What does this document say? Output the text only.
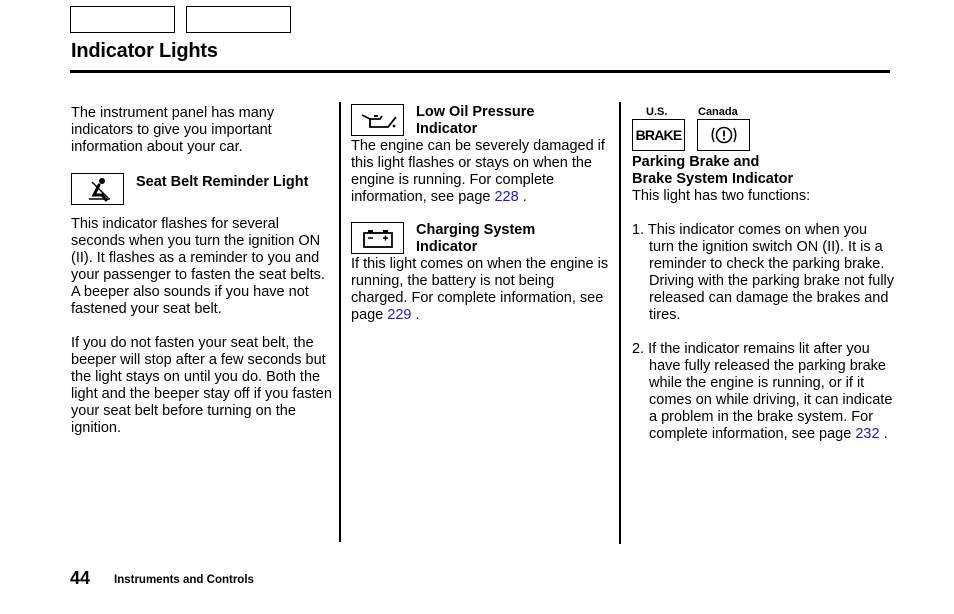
Indicator Lights

The instrument panel has many indicators to give you important information about your car.

Seat Belt Reminder Light

This indicator flashes for several seconds when you turn the ignition ON (II). It flashes as a reminder to you and your passenger to fasten the seat belts. A beeper also sounds if you have not fastened your seat belt.

If you do not fasten your seat belt, the beeper will stop after a few seconds but the light stays on until you do. Both the light and the beeper stay off if you fasten your seat belt before turning on the ignition.

Low Oil Pressure
Indicator

The engine can be severely damaged if this light flashes or stays on when the engine is running. For complete information, see page 228 .

Charging System
Indicator

If this light comes on when the engine is running, the battery is not being charged. For complete information, see page 229 .

U.S.	Canada
BRAKE
Parking Brake and
Brake System Indicator

This light has two functions:

1. This indicator comes on when you turn the ignition switch ON (II). It is a reminder to check the parking brake. Driving with the parking brake not fully released can damage the brakes and tires.

2. If the indicator remains lit after you have fully released the parking brake while the engine is running, or if it comes on while driving, it can indicate a problem in the brake system. For complete information, see page 232 .

44 Instruments and Controls
